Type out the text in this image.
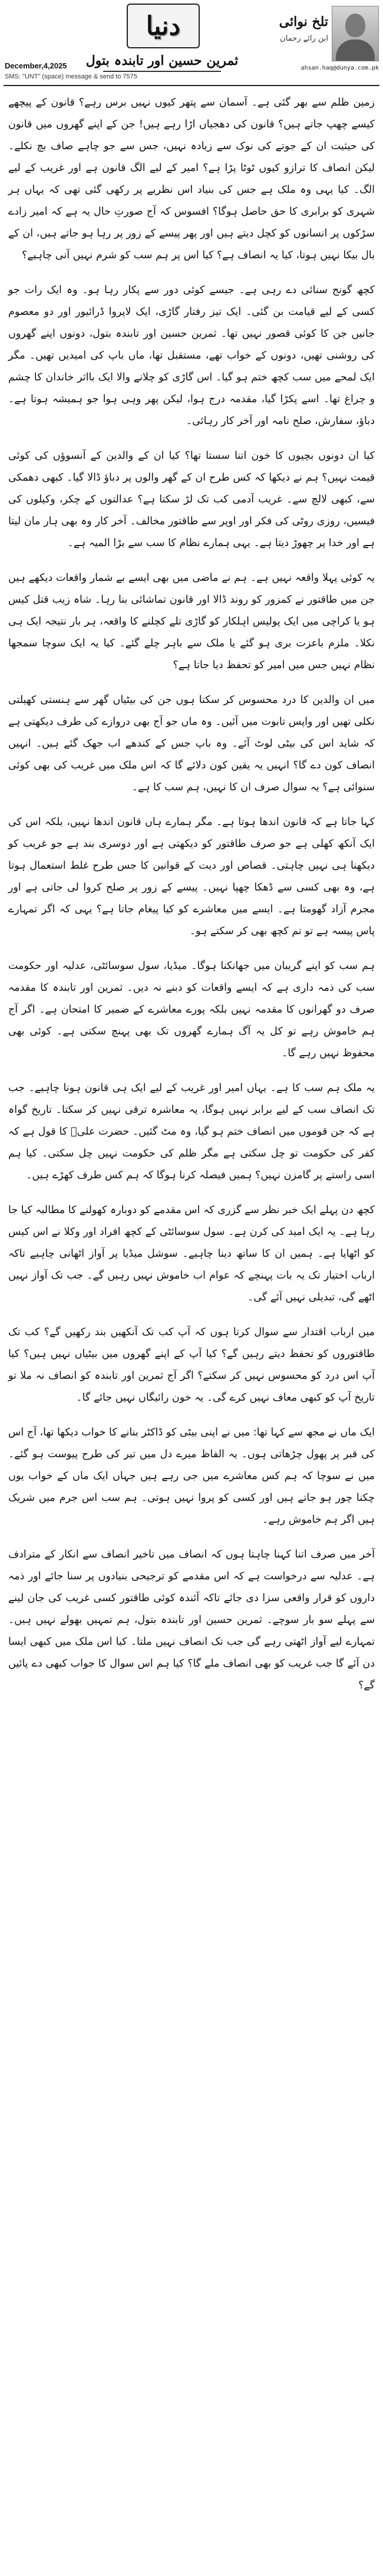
دنیا
ثمرین حسین اور تابندہ بتول
تلخ نوائی
ابن رائے رحمان
ahsan.haq@dunya.com.pk
December,4,2025
SMS: "UNT" (space) message & send to 7575

زمین ظلم سے بھر گئی ہے۔ آسمان سے پتھر کیوں نہیں برس رہے؟ قانون کے پیچھے کیسے چھپ جاتے ہیں؟ قانون کی دھجیاں اڑا رہے ہیں! جن کے اپنے گھروں میں قانون کی حیثیت ان کے جوتے کی نوک سے زیادہ نہیں، جس سے جو چاہے صاف بچ نکلے۔ لیکن انصاف کا ترازو کیوں ٹوٹا پڑا ہے؟ امیر کے لیے الگ قانون ہے اور غریب کے لیے الگ۔ کیا یہی وہ ملک ہے جس کی بنیاد اس نظریے پر رکھی گئی تھی کہ یہاں ہر شہری کو برابری کا حق حاصل ہوگا؟ افسوس کہ آج صورتِ حال یہ ہے کہ امیر زادے سڑکوں پر انسانوں کو کچل دیتے ہیں اور پھر پیسے کے زور پر رہا ہو جاتے ہیں، ان کے بال بیکا نہیں ہوتا، کیا یہ انصاف ہے؟ کیا اس پر ہم سب کو شرم نہیں آنی چاہیے؟

کچھ گونج سنائی دے رہی ہے۔ جیسے کوئی دور سے پکار رہا ہو۔ وہ ایک رات جو کسی کے لیے قیامت بن گئی۔ ایک تیز رفتار گاڑی، ایک لاپروا ڈرائیور اور دو معصوم جانیں جن کا کوئی قصور نہیں تھا۔ ثمرین حسین اور تابندہ بتول، دونوں اپنے گھروں کی روشنی تھیں، دونوں کے خواب تھے، مستقبل تھا، ماں باپ کی امیدیں تھیں۔ مگر ایک لمحے میں سب کچھ ختم ہو گیا۔ اس گاڑی کو چلانے والا ایک بااثر خاندان کا چشم و چراغ تھا۔ اسے پکڑا گیا، مقدمہ درج ہوا، لیکن پھر وہی ہوا جو ہمیشہ ہوتا ہے۔ دباؤ، سفارش، صلح نامہ اور آخر کار رہائی۔

کیا ان دونوں بچیوں کا خون اتنا سستا تھا؟ کیا ان کے والدین کے آنسوؤں کی کوئی قیمت نہیں؟ ہم نے دیکھا کہ کس طرح ان کے گھر والوں پر دباؤ ڈالا گیا۔ کبھی دھمکی سے، کبھی لالچ سے۔ غریب آدمی کب تک لڑ سکتا ہے؟ عدالتوں کے چکر، وکیلوں کی فیسیں، روزی روٹی کی فکر اور اوپر سے طاقتور مخالف۔ آخر کار وہ بھی ہار مان لیتا ہے اور خدا پر چھوڑ دیتا ہے۔ یہی ہمارے نظام کا سب سے بڑا المیہ ہے۔

یہ کوئی پہلا واقعہ نہیں ہے۔ ہم نے ماضی میں بھی ایسے بے شمار واقعات دیکھے ہیں جن میں طاقتور نے کمزور کو روند ڈالا اور قانون تماشائی بنا رہا۔ شاہ زیب قتل کیس ہو یا کراچی میں ایک پولیس اہلکار کو گاڑی تلے کچلنے کا واقعہ، ہر بار نتیجہ ایک ہی نکلا۔ ملزم باعزت بری ہو گئے یا ملک سے باہر چلے گئے۔ کیا یہ ایک سوچا سمجھا نظام نہیں جس میں امیر کو تحفظ دیا جاتا ہے؟

میں ان والدین کا درد محسوس کر سکتا ہوں جن کی بیٹیاں گھر سے ہنستی کھیلتی نکلی تھیں اور واپس تابوت میں آئیں۔ وہ ماں جو آج بھی دروازے کی طرف دیکھتی ہے کہ شاید اس کی بیٹی لوٹ آئے۔ وہ باپ جس کے کندھے اب جھک گئے ہیں۔ انہیں انصاف کون دے گا؟ انہیں یہ یقین کون دلائے گا کہ اس ملک میں غریب کی بھی کوئی سنوائی ہے؟ یہ سوال صرف ان کا نہیں، ہم سب کا ہے۔

کہا جاتا ہے کہ قانون اندھا ہوتا ہے۔ مگر ہمارے ہاں قانون اندھا نہیں، بلکہ اس کی ایک آنکھ کھلی ہے جو صرف طاقتور کو دیکھتی ہے اور دوسری بند ہے جو غریب کو دیکھنا ہی نہیں چاہتی۔ قصاص اور دیت کے قوانین کا جس طرح غلط استعمال ہوتا ہے، وہ بھی کسی سے ڈھکا چھپا نہیں۔ پیسے کے زور پر صلح کروا لی جاتی ہے اور مجرم آزاد گھومتا ہے۔ ایسے میں معاشرے کو کیا پیغام جاتا ہے؟ یہی کہ اگر تمہارے پاس پیسہ ہے تو تم کچھ بھی کر سکتے ہو۔

ہم سب کو اپنے گریبان میں جھانکنا ہوگا۔ میڈیا، سول سوسائٹی، عدلیہ اور حکومت سب کی ذمہ داری ہے کہ ایسے واقعات کو دبنے نہ دیں۔ ثمرین اور تابندہ کا مقدمہ صرف دو گھرانوں کا مقدمہ نہیں بلکہ پورے معاشرے کے ضمیر کا امتحان ہے۔ اگر آج ہم خاموش رہے تو کل یہ آگ ہمارے گھروں تک بھی پہنچ سکتی ہے۔ کوئی بھی محفوظ نہیں رہے گا۔

یہ ملک ہم سب کا ہے۔ یہاں امیر اور غریب کے لیے ایک ہی قانون ہونا چاہیے۔ جب تک انصاف سب کے لیے برابر نہیں ہوگا، یہ معاشرہ ترقی نہیں کر سکتا۔ تاریخ گواہ ہے کہ جن قوموں میں انصاف ختم ہو گیا، وہ مٹ گئیں۔ حضرت علیؓ کا قول ہے کہ کفر کی حکومت تو چل سکتی ہے مگر ظلم کی حکومت نہیں چل سکتی۔ کیا ہم اسی راستے پر گامزن نہیں؟ ہمیں فیصلہ کرنا ہوگا کہ ہم کس طرف کھڑے ہیں۔

کچھ دن پہلے ایک خبر نظر سے گزری کہ اس مقدمے کو دوبارہ کھولنے کا مطالبہ کیا جا رہا ہے۔ یہ ایک امید کی کرن ہے۔ سول سوسائٹی کے کچھ افراد اور وکلا نے اس کیس کو اٹھایا ہے۔ ہمیں ان کا ساتھ دینا چاہیے۔ سوشل میڈیا پر آواز اٹھانی چاہیے تاکہ ارباب اختیار تک یہ بات پہنچے کہ عوام اب خاموش نہیں رہیں گے۔ جب تک آواز نہیں اٹھے گی، تبدیلی نہیں آئے گی۔

میں ارباب اقتدار سے سوال کرتا ہوں کہ آپ کب تک آنکھیں بند رکھیں گے؟ کب تک طاقتوروں کو تحفظ دیتے رہیں گے؟ کیا آپ کے اپنے گھروں میں بیٹیاں نہیں ہیں؟ کیا آپ اس درد کو محسوس نہیں کر سکتے؟ اگر آج ثمرین اور تابندہ کو انصاف نہ ملا تو تاریخ آپ کو کبھی معاف نہیں کرے گی۔ یہ خون رائیگاں نہیں جائے گا۔

ایک ماں نے مجھ سے کہا تھا: میں نے اپنی بیٹی کو ڈاکٹر بنانے کا خواب دیکھا تھا، آج اس کی قبر پر پھول چڑھاتی ہوں۔ یہ الفاظ میرے دل میں تیر کی طرح پیوست ہو گئے۔ میں نے سوچا کہ ہم کس معاشرے میں جی رہے ہیں جہاں ایک ماں کے خواب یوں چکنا چور ہو جاتے ہیں اور کسی کو پروا نہیں ہوتی۔ ہم سب اس جرم میں شریک ہیں اگر ہم خاموش رہے۔

آخر میں صرف اتنا کہنا چاہتا ہوں کہ انصاف میں تاخیر انصاف سے انکار کے مترادف ہے۔ عدلیہ سے درخواست ہے کہ اس مقدمے کو ترجیحی بنیادوں پر سنا جائے اور ذمہ داروں کو قرار واقعی سزا دی جائے تاکہ آئندہ کوئی طاقتور کسی غریب کی جان لینے سے پہلے سو بار سوچے۔ ثمرین حسین اور تابندہ بتول، ہم تمہیں بھولے نہیں ہیں۔ تمہارے لیے آواز اٹھتی رہے گی جب تک انصاف نہیں ملتا۔ کیا اس ملک میں کبھی ایسا دن آئے گا جب غریب کو بھی انصاف ملے گا؟ کیا ہم اس سوال کا جواب کبھی دے پائیں گے؟
